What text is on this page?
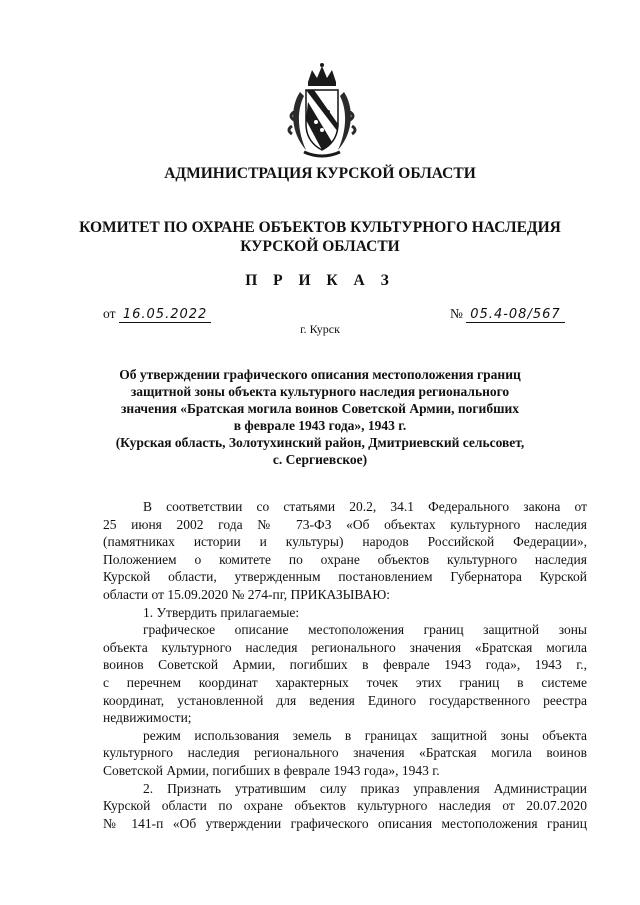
АДМИНИСТРАЦИЯ КУРСКОЙ ОБЛАСТИ
КОМИТЕТ ПО ОХРАНЕ ОБЪЕКТОВ КУЛЬТУРНОГО НАСЛЕДИЯ
КУРСКОЙ ОБЛАСТИ
П Р И К А З
от 16.05.2022	№ 05.4-08/567
г. Курск
Об утверждении графического описания местоположения границ
защитной зоны объекта культурного наследия регионального
значения «Братская могила воинов Советской Армии, погибших
в феврале 1943 года», 1943 г.
(Курская область, Золотухинский район, Дмитриевский сельсовет,
с. Сергиевское)
В соответствии со статьями 20.2, 34.1 Федерального закона от
25 июня 2002 года № 73-ФЗ «Об объектах культурного наследия
(памятниках истории и культуры) народов Российской Федерации»,
Положением о комитете по охране объектов культурного наследия
Курской области, утвержденным постановлением Губернатора Курской
области от 15.09.2020 № 274-пг, ПРИКАЗЫВАЮ:
1. Утвердить прилагаемые:
графическое описание местоположения границ защитной зоны
объекта культурного наследия регионального значения «Братская могила
воинов Советской Армии, погибших в феврале 1943 года», 1943 г.,
с перечнем координат характерных точек этих границ в системе
координат, установленной для ведения Единого государственного реестра
недвижимости;
режим использования земель в границах защитной зоны объекта
культурного наследия регионального значения «Братская могила воинов
Советской Армии, погибших в феврале 1943 года», 1943 г.
2. Признать утратившим силу приказ управления Администрации
Курской области по охране объектов культурного наследия от 20.07.2020
№ 141-п «Об утверждении графического описания местоположения границ
